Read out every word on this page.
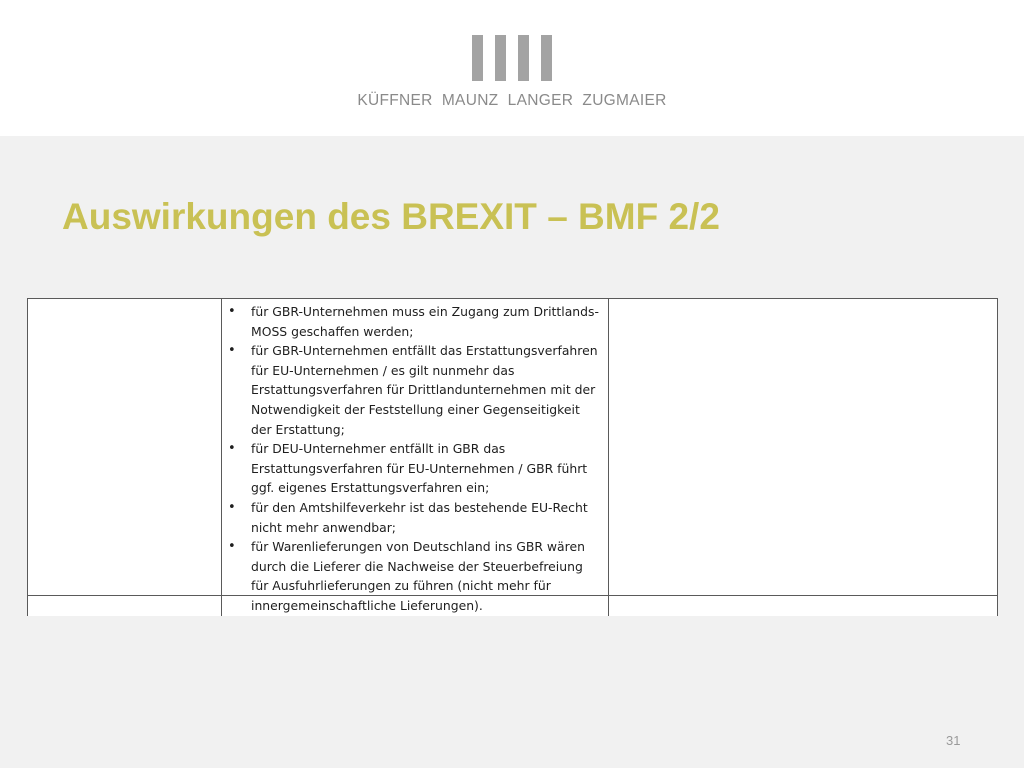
KÜFFNER  MAUNZ  LANGER  ZUGMAIER
Auswirkungen des BREXIT – BMF 2/2

• für GBR-Unternehmen muss ein Zugang zum Drittlands-MOSS geschaffen werden;
• für GBR-Unternehmen entfällt das Erstattungsverfahren für EU-Unternehmen / es gilt nunmehr das Erstattungsverfahren für Drittlandunternehmen mit der Notwendigkeit der Feststellung einer Gegenseitigkeit der Erstattung;
• für DEU-Unternehmer entfällt in GBR das Erstattungsverfahren für EU-Unternehmen / GBR führt ggf. eigenes Erstattungsverfahren ein;
• für den Amtshilfeverkehr ist das bestehende EU-Recht nicht mehr anwendbar;
• für Warenlieferungen von Deutschland ins GBR wären durch die Lieferer die Nachweise der Steuerbefreiung für Ausfuhrlieferungen zu führen (nicht mehr für innergemeinschaftliche Lieferungen).

31
